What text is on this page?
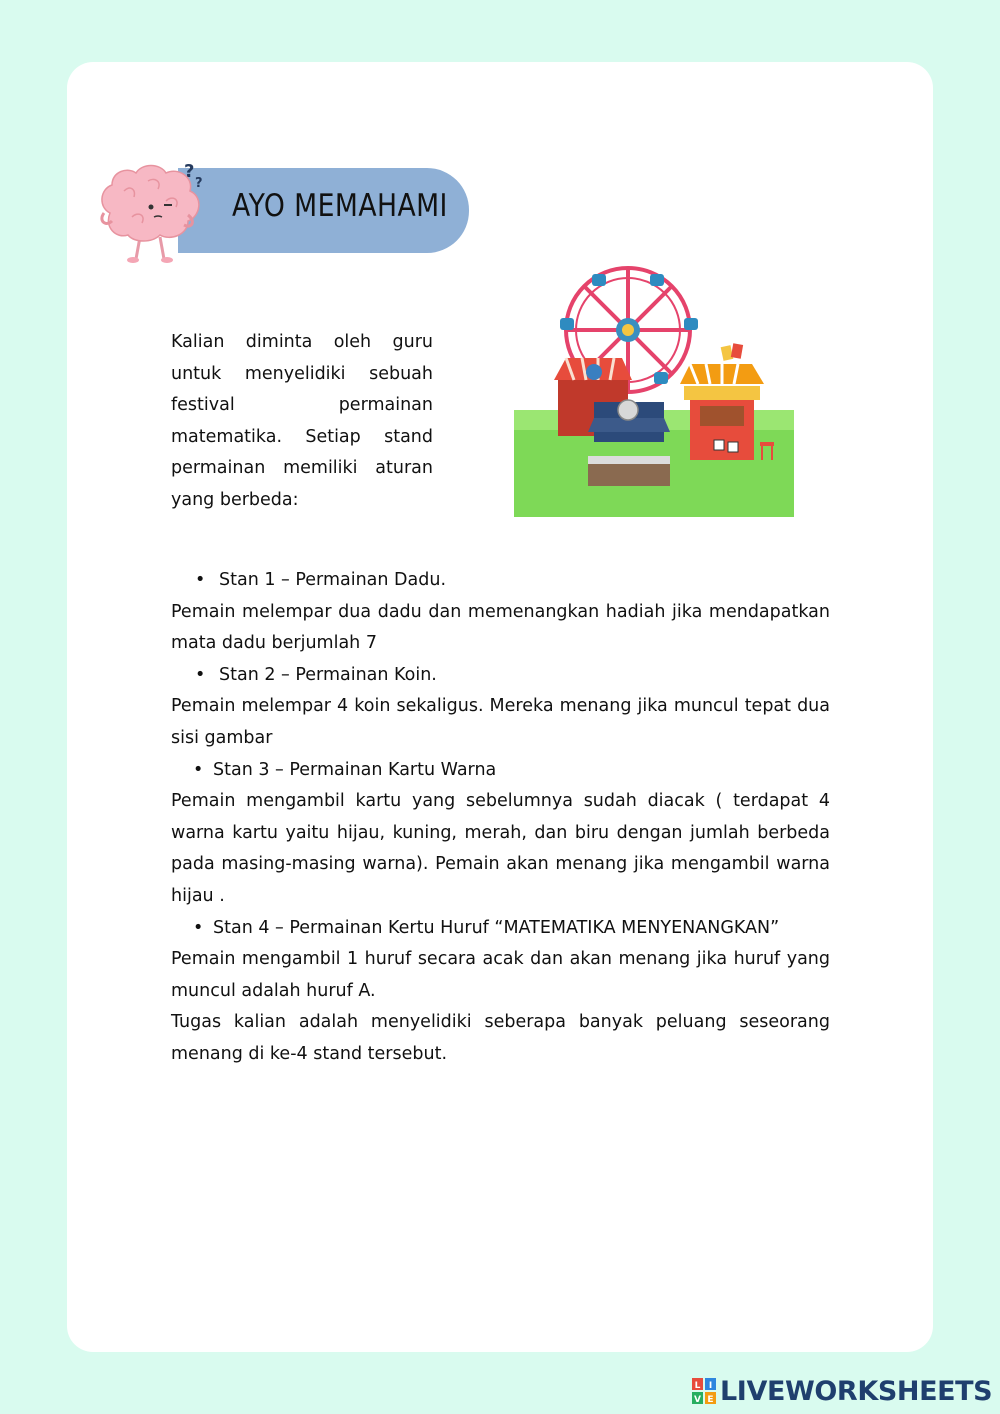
?
?
AYO MEMAHAMI
Kalian diminta oleh guru untuk menyelidiki sebuah festival permainan matematika. Setiap stand permainan memiliki aturan yang berbeda:
• Stan 1 – Permainan Dadu.

Pemain melempar dua dadu dan memenangkan hadiah jika mendapatkan mata dadu berjumlah 7

• Stan 2 – Permainan Koin.

Pemain melempar 4 koin sekaligus. Mereka menang jika muncul tepat dua sisi gambar

• Stan 3 – Permainan Kartu Warna

Pemain mengambil kartu yang sebelumnya sudah diacak ( terdapat 4 warna kartu yaitu hijau, kuning, merah, dan biru dengan jumlah berbeda pada masing-masing warna). Pemain akan menang jika mengambil warna hijau .

• Stan 4 – Permainan Kertu Huruf “MATEMATIKA MENYENANGKAN”

Pemain mengambil 1 huruf secara acak dan akan menang jika huruf yang muncul adalah huruf A.

Tugas kalian adalah menyelidiki seberapa banyak peluang seseorang menang di ke-4 stand tersebut.

L I
V E LIVEWORKSHEETS
